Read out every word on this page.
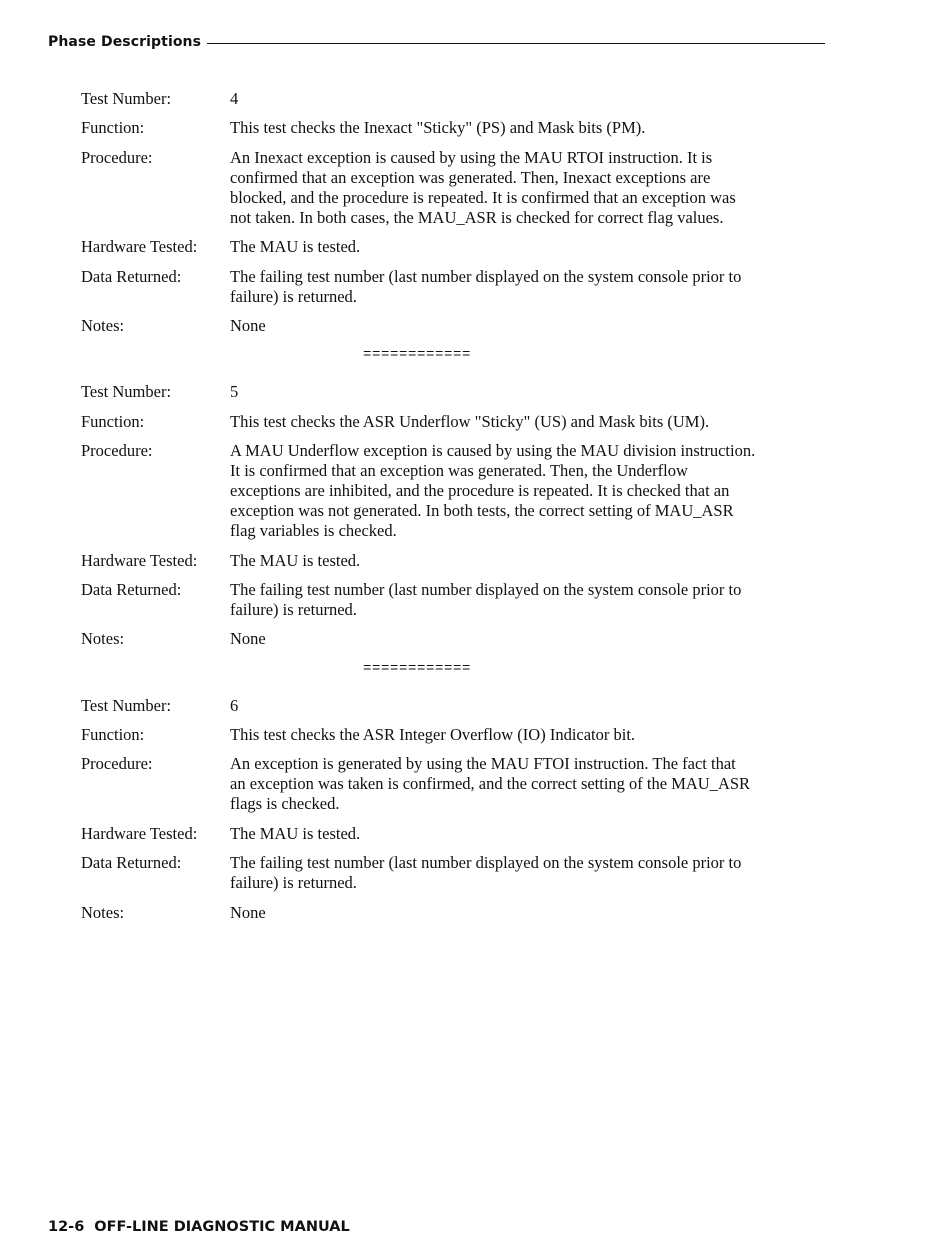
Phase Descriptions
Test Number:	4
Function:	This test checks the Inexact "Sticky" (PS) and Mask bits (PM).
Procedure:	An Inexact exception is caused by using the MAU RTOI instruction. It is
confirmed that an exception was generated. Then, Inexact exceptions are
blocked, and the procedure is repeated. It is confirmed that an exception was
not taken. In both cases, the MAU_ASR is checked for correct flag values.
Hardware Tested:	The MAU is tested.
Data Returned:	The failing test number (last number displayed on the system console prior to
failure) is returned.
Notes:	None
============
Test Number:	5
Function:	This test checks the ASR Underflow "Sticky" (US) and Mask bits (UM).
Procedure:	A MAU Underflow exception is caused by using the MAU division instruction.
It is confirmed that an exception was generated. Then, the Underflow
exceptions are inhibited, and the procedure is repeated. It is checked that an
exception was not generated. In both tests, the correct setting of MAU_ASR
flag variables is checked.
Hardware Tested:	The MAU is tested.
Data Returned:	The failing test number (last number displayed on the system console prior to
failure) is returned.
Notes:	None
============
Test Number:	6
Function:	This test checks the ASR Integer Overflow (IO) Indicator bit.
Procedure:	An exception is generated by using the MAU FTOI instruction. The fact that
an exception was taken is confirmed, and the correct setting of the MAU_ASR
flags is checked.
Hardware Tested:	The MAU is tested.
Data Returned:	The failing test number (last number displayed on the system console prior to
failure) is returned.
Notes:	None
12-6 OFF-LINE DIAGNOSTIC MANUAL
